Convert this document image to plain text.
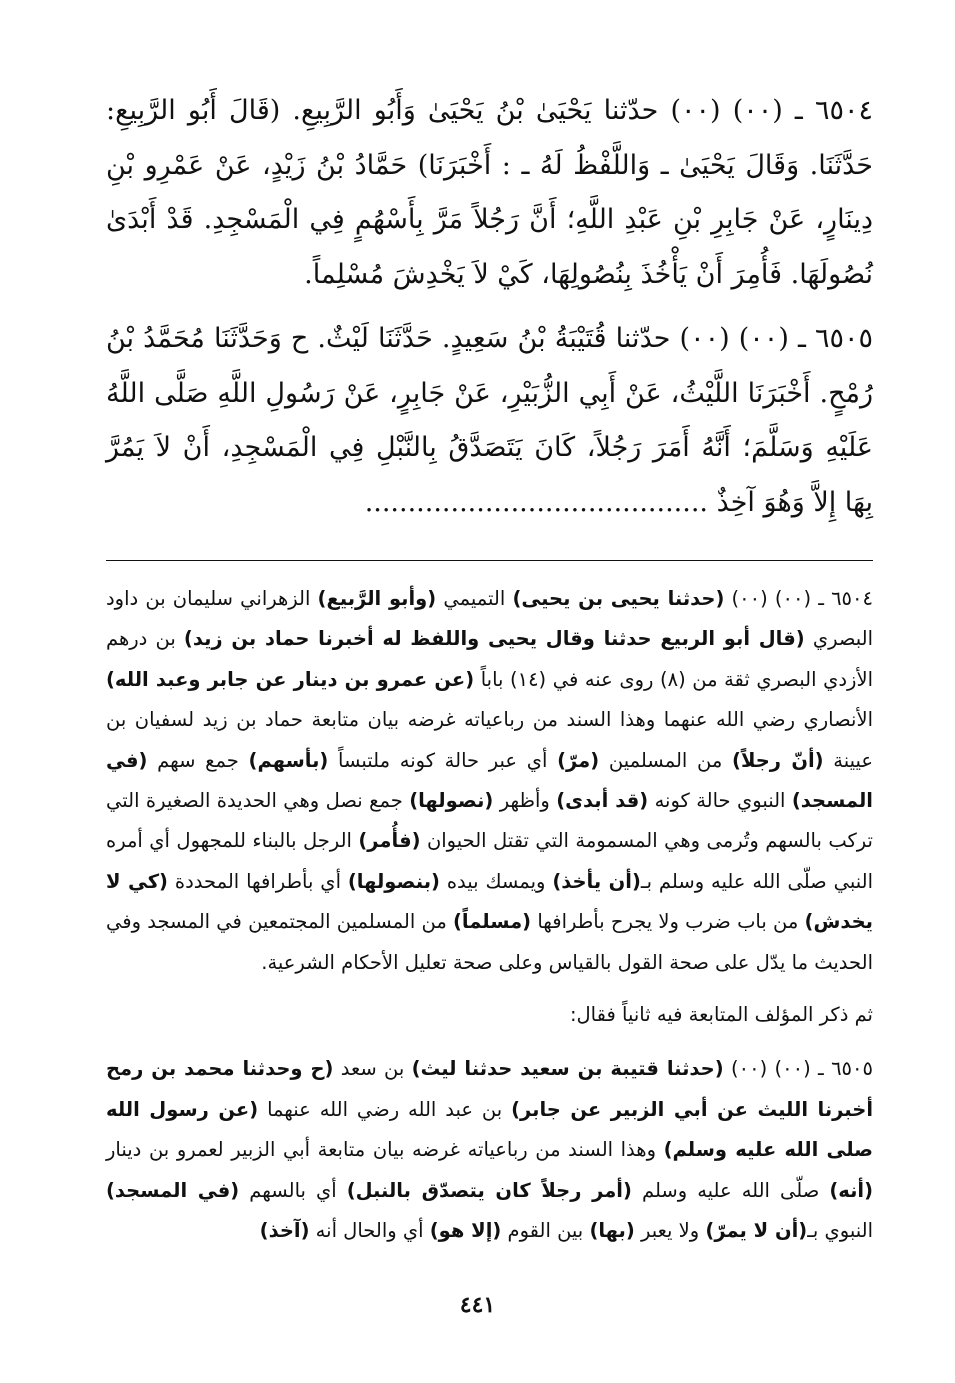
٦٥٠٤ ـ (٠٠) (٠٠) حدّثنا يَحْيَىٰ بْنُ يَحْيَىٰ وَأَبُو الرَّبِيعِ. (قَالَ أَبُو الرَّبِيعِ: حَدَّثَنَا. وَقَالَ يَحْيَىٰ ـ وَاللَّفْظُ لَهُ ـ : أَخْبَرَنَا) حَمَّادُ بْنُ زَيْدٍ، عَنْ عَمْرِو بْنِ دِينَارٍ، عَنْ جَابِرِ بْنِ عَبْدِ اللَّهِ؛ أَنَّ رَجُلاً مَرَّ بِأَسْهُمٍ فِي الْمَسْجِدِ. قَدْ أَبْدَىٰ نُصُولَهَا. فَأُمِرَ أَنْ يَأْخُذَ بِنُصُولِهَا، كَيْ لاَ يَخْدِشَ مُسْلِماً.

٦٥٠٥ ـ (٠٠) (٠٠) حدّثنا قُتَيْبَةُ بْنُ سَعِيدٍ. حَدَّثَنَا لَيْثٌ. ح وَحَدَّثَنَا مُحَمَّدُ بْنُ رُمْحٍ. أَخْبَرَنَا اللَّيْثُ، عَنْ أَبِي الزُّبَيْرِ، عَنْ جَابِرٍ، عَنْ رَسُولِ اللَّهِ صَلَّى اللَّهُ عَلَيْهِ وَسَلَّمَ؛ أَنَّهُ أَمَرَ رَجُلاً، كَانَ يَتَصَدَّقُ بِالنَّبْلِ فِي الْمَسْجِدِ، أَنْ لاَ يَمُرَّ بِهَا إِلاَّ وَهُوَ آخِذٌ ........................................

٦٥٠٤ ـ (٠٠) (٠٠) (حدثنا يحيى بن يحيى) التميمي (وأبو الرَّبيع) الزهراني سليمان بن داود البصري (قال أبو الربيع حدثنا وقال يحيى واللفظ له أخبرنا حماد بن زيد) بن درهم الأزدي البصري ثقة من (٨) روى عنه في (١٤) باباً (عن عمرو بن دينار عن جابر وعبد الله) الأنصاري رضي الله عنهما وهذا السند من رباعياته غرضه بيان متابعة حماد بن زيد لسفيان بن عيينة (أنّ رجلاً) من المسلمين (مرّ) أي عبر حالة كونه ملتبساً (بأسهم) جمع سهم (في المسجد) النبوي حالة كونه (قد أبدى) وأظهر (نصولها) جمع نصل وهي الحديدة الصغيرة التي تركب بالسهم وتُرمى وهي المسمومة التي تقتل الحيوان (فأُمر) الرجل بالبناء للمجهول أي أمره النبي صلّى الله عليه وسلم بـ(أن يأخذ) ويمسك بيده (بنصولها) أي بأطرافها المحددة (كي لا يخدش) من باب ضرب ولا يجرح بأطرافها (مسلماً) من المسلمين المجتمعين في المسجد وفي الحديث ما يدّل على صحة القول بالقياس وعلى صحة تعليل الأحكام الشرعية.

ثم ذكر المؤلف المتابعة فيه ثانياً فقال:

٦٥٠٥ ـ (٠٠) (٠٠) (حدثنا قتيبة بن سعيد حدثنا ليث) بن سعد (ح وحدثنا محمد بن رمح أخبرنا الليث عن أبي الزبير عن جابر) بن عبد الله رضي الله عنهما (عن رسول الله صلى الله عليه وسلم) وهذا السند من رباعياته غرضه بيان متابعة أبي الزبير لعمرو بن دينار (أنه) صلّى الله عليه وسلم (أمر رجلاً كان يتصدّق بالنبل) أي بالسهم (في المسجد) النبوي بـ(أن لا يمرّ) ولا يعبر (بها) بين القوم (إلا هو) أي والحال أنه (آخذ)

٤٤١
